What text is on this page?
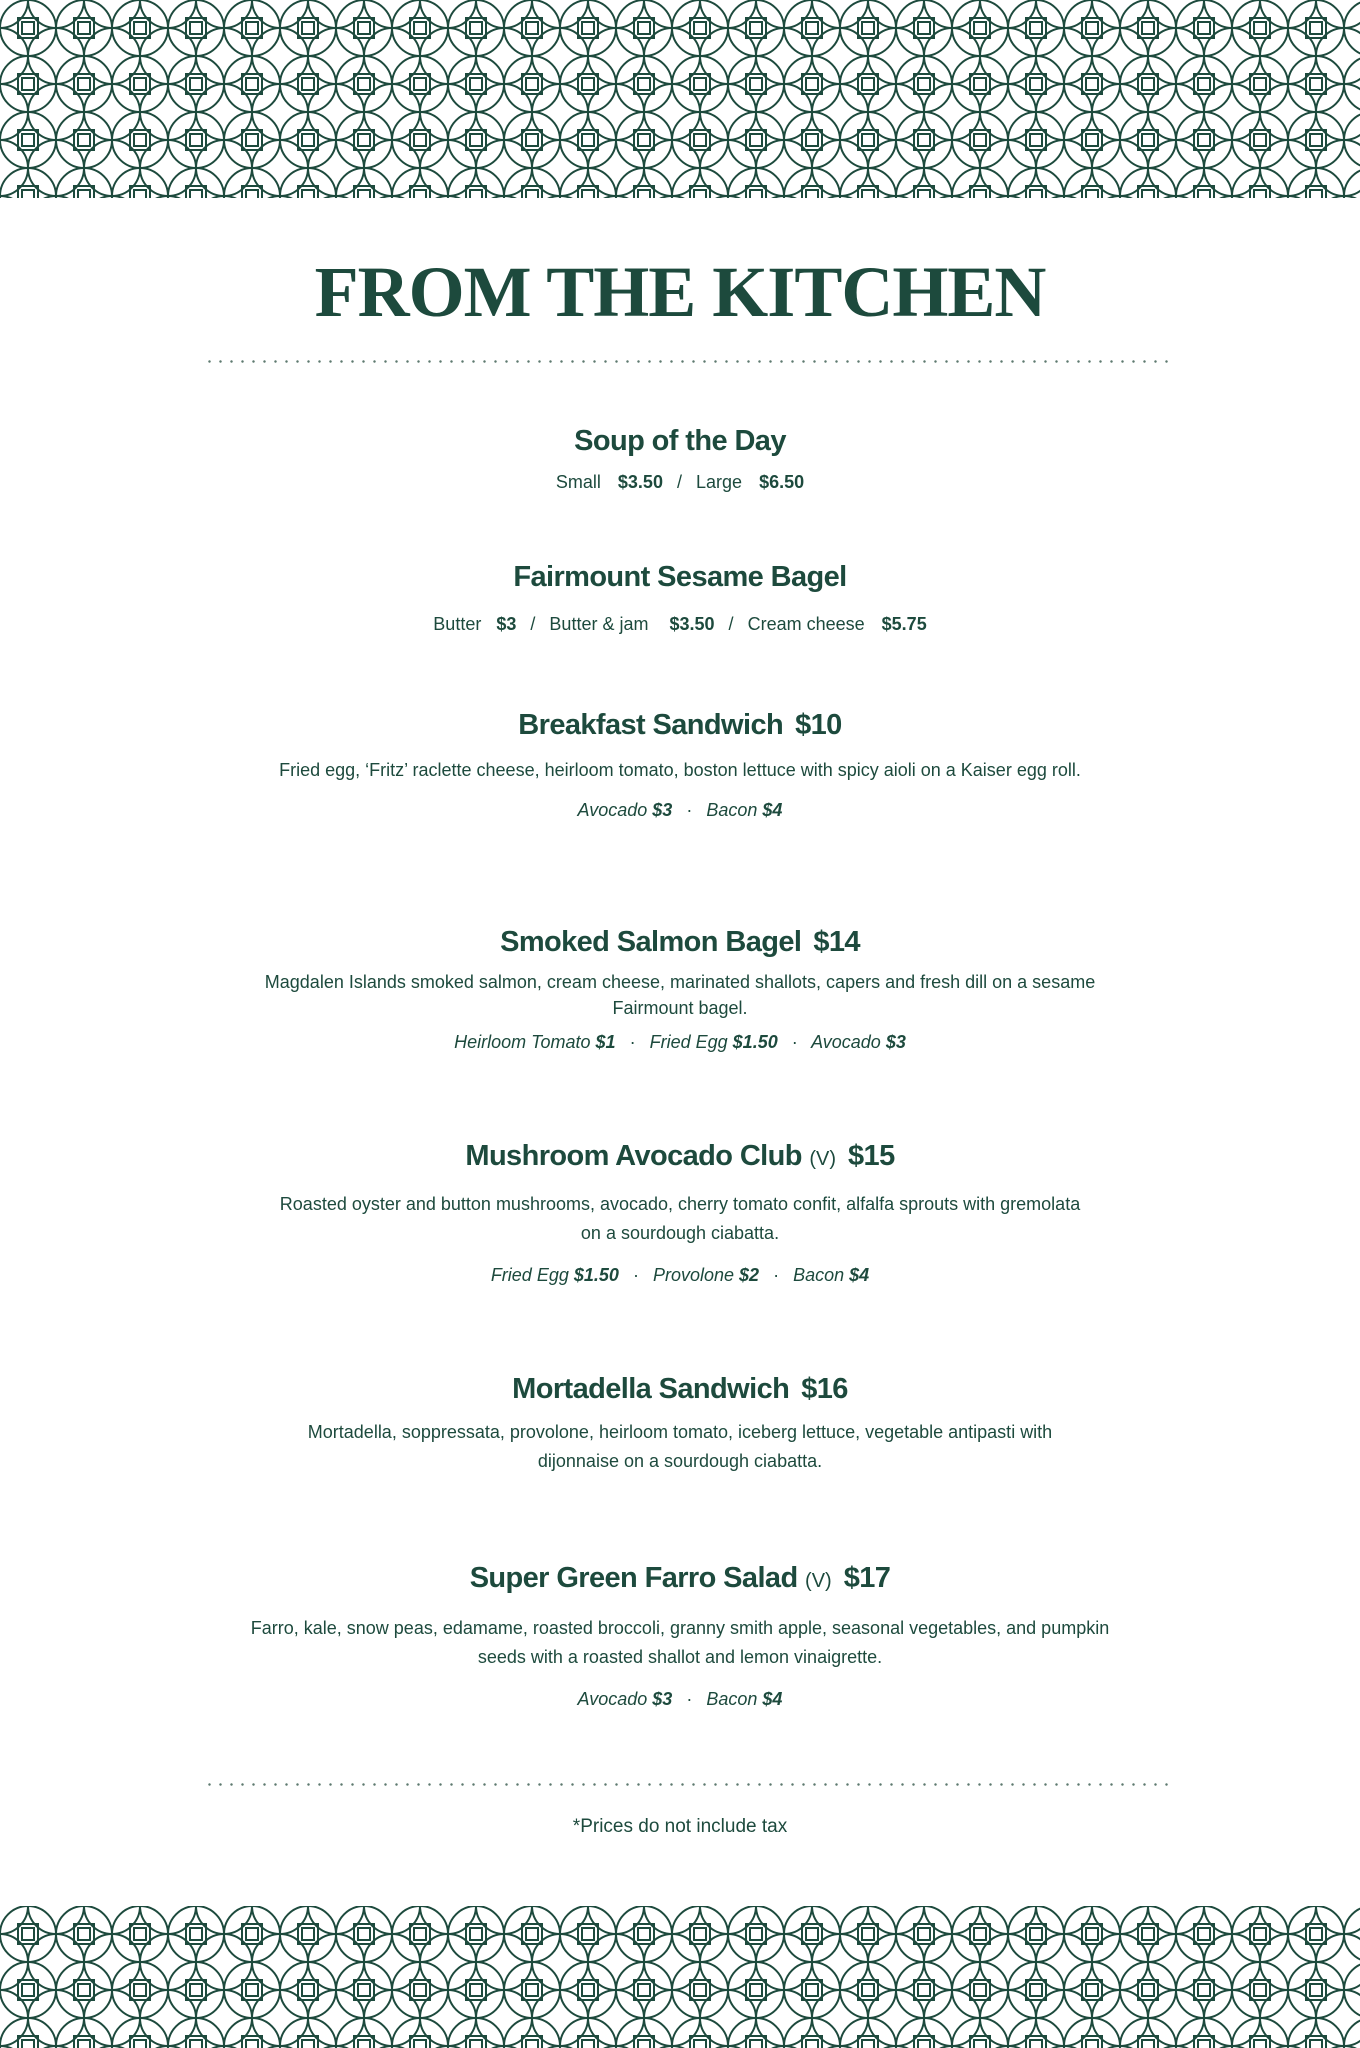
FROM THE KITCHEN
Soup of the Day
Small $3.50 / Large $6.50
Fairmount Sesame Bagel
Butter $3 / Butter & jam $3.50 / Cream cheese $5.75
Breakfast Sandwich $10
Fried egg, ‘Fritz’ raclette cheese, heirloom tomato, boston lettuce with spicy aioli on a Kaiser egg roll.
Avocado $3 · Bacon $4
Smoked Salmon Bagel $14
Magdalen Islands smoked salmon, cream cheese, marinated shallots, capers and fresh dill on a sesame Fairmount bagel.
Heirloom Tomato $1 · Fried Egg $1.50 · Avocado $3
Mushroom Avocado Club (V) $15
Roasted oyster and button mushrooms, avocado, cherry tomato confit, alfalfa sprouts with gremolata on a sourdough ciabatta.
Fried Egg $1.50 · Provolone $2 · Bacon $4
Mortadella Sandwich $16
Mortadella, soppressata, provolone, heirloom tomato, iceberg lettuce, vegetable antipasti with dijonnaise on a sourdough ciabatta.
Super Green Farro Salad (V) $17
Farro, kale, snow peas, edamame, roasted broccoli, granny smith apple, seasonal vegetables, and pumpkin seeds with a roasted shallot and lemon vinaigrette.
Avocado $3 · Bacon $4
*Prices do not include tax
